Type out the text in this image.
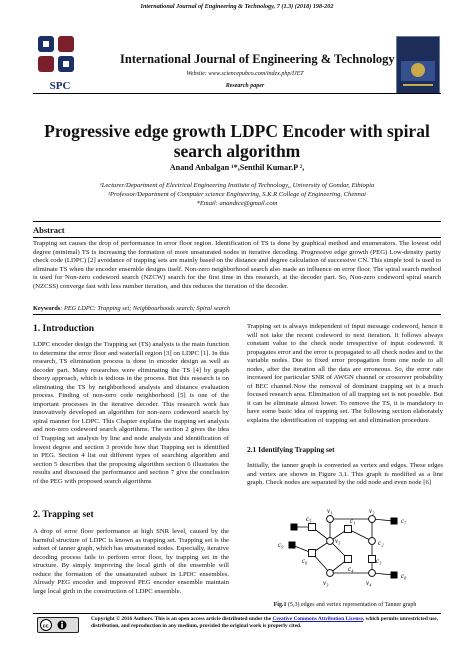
International Journal of Engineering & Technology, 7 (1.3) (2018) 198-202
SPC
International Journal of Engineering & Technology
Website: www.sciencepubco.com/index.php/IJET
Research paper
Progressive edge growth LDPC Encoder with spiral
search algorithm
Anand Anbalgan ¹*,Senthil Kumar.P ²,
¹Lecturer/Department of Electrical Engineering Institute of Technology,, University of Gondar, Ethiopia
²Professor/Department of Computer science Engineering, S.K.R College of Engineering, Chennai
*Email: anandtce@gmail.com
Abstract
Trapping set causes the drop of performance in error floor region. Identification of TS is done by graphical method and enumerators. The lowest odd degree (minimal) TS is increasing the formation of more unsaturated nodes in iterative decoding. Progressive edge growth (PEG) Low-density parity check code (LDPC) [2] avoidance of trapping sets are mainly based on the distance and degree calculation of successive CN. This simple tool is used to eliminate TS when the encoder ensemble designs itself. Non-zero neighborhood search also made an influence on error floor. The spiral search method is used for Non-zero codeword search (NZCW) search for the first time in this research, at the decoder part. So, Non-zero codeword spiral search (NZCSS) converge fast with less number iteration, and this reduces the iteration of the decoder.
Keywords: PEG LDPC: Trapping set; Neighbourhoods search; Spiral search
1. Introduction
LDPC encoder design the Trapping set (TS) analysis is the main function to determine the error floor and waterfall region [3] on LDPC [1]. In this research, TS elimination process is done in encoder design as well as decoder part. Many researches were eliminating the TS [4] by graph theory approach, which is tedious in the process. But this research is on eliminating the TS by neighborhood analysis and distance evaluation process. Finding of non-zero code neighborhood [5] is one of the important processes in the iterative decoder. This research work has innovatively developed an algorithm for non-zero codeword search by spiral manner for LDPC. This Chapter explains the trapping set analysis and non-zero codeword search algorithms. The section 2 gives the idea of Trapping set analysis by line and node analysis and identification of lowest degree and section 3 provide how that Trapping set is identified in PEG. Section 4 list out different types of searching algorithm and section 5 describes that the proposing algorithm section 6 illustrates the results and discussed the performance and section 7 give the conclusion of the PEG with proposed search algorithms
2. Trapping set
A drop of error floor performance at high SNR level, caused by the harmful structure of LDPC is known as trapping set. Trapping set is the subset of tanner graph, which has unsaturated nodes. Especially, iterative decoding process fails to perform error floor, by trapping set in the structure. By simply improving the local girth of the ensemble will reduce the formation of the unsaturated subset in LPDC ensembles. Already PEG encoder and improved PEG encoder ensemble maintain large local girth in the construction of LDPC ensemble.
Trapping set is always independent of input message codeword, hence it will not take the recent codeword to next iteration. It follows always constant value to the check node irrespective of input codeword. It propagates error and the error is propagated to all check nodes and to the variable nodes. Due to fixed error propagation from one node to all nodes, after the iteration all the data are erroneous. So, the error rate increased for particular SNR of AWGN channel or crossover probability of BEC channel.Now the removal of dominant trapping set is a much focused research area. Elimination of all trapping set is not possible. But it can be eliminate almost lower. To remove the TS, it is mandatory to have some basic idea of trapping set. The following section elaborately explains the identification of trapping set and elimination procedure.
2.1 Identifying Trapping set
Initially, the tanner graph is converted as vertex and edges. These edges and vertex are shown in Figure 3.1. This graph is modified as a line graph. Check nodes are separated by the odd node and even node [6]
v₁	v₂
v₃	v₄
v₅
c₁
c₂
c₃
c₄
c₅
c₆
c₇
c₈
c₉
Fig.1 (5,3) edges and vertex representation of Tanner graph
cc
Copyright © 2016 Authors. This is an open access article distributed under the Creative Commons Attribution License, which permits unrestricted use, distribution, and reproduction in any medium, provided the original work is properly cited.
